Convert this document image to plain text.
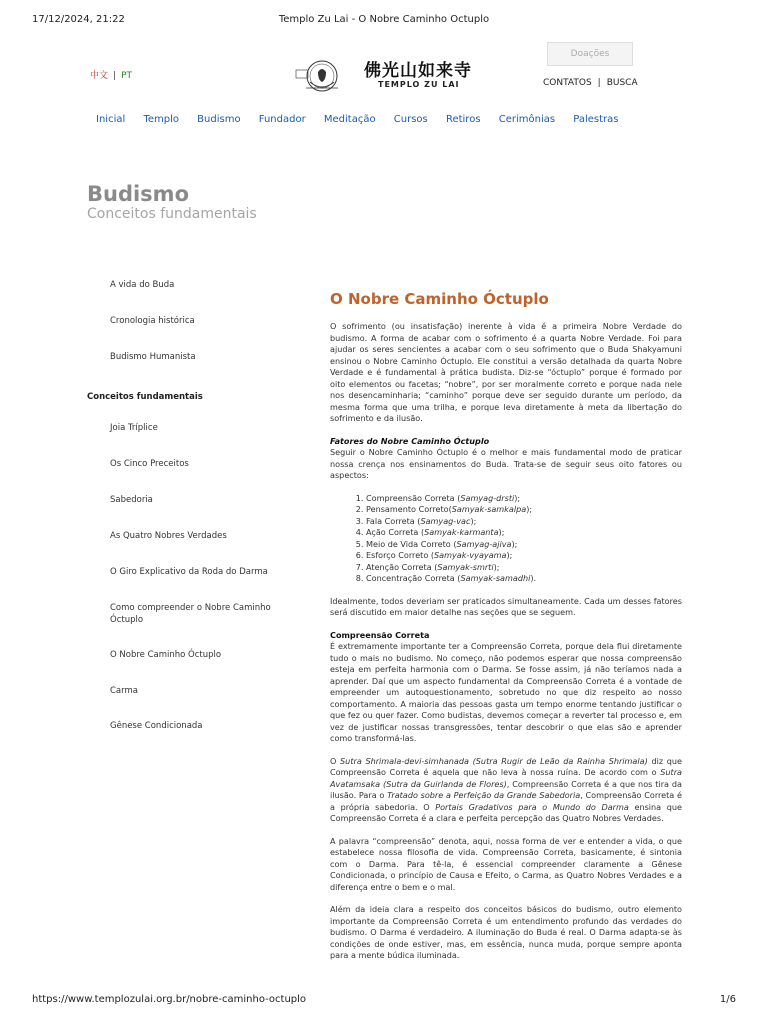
17/12/2024, 21:22	Templo Zu Lai - O Nobre Caminho Octuplo
中文 | PT	佛光山如来寺
TEMPLO ZU LAI
Doações
CONTATOS | BUSCA
Inicial Templo Budismo Fundador Meditação Cursos Retiros Cerimônias Palestras
Budismo
Conceitos fundamentais
A vida do Buda
Cronologia histórica
Budismo Humanista
Conceitos fundamentais
Joia Tríplice
Os Cinco Preceitos
Sabedoria
As Quatro Nobres Verdades
O Giro Explicativo da Roda do Darma
Como compreender o Nobre Caminho Óctuplo
O Nobre Caminho Óctuplo
Carma
Gênese Condicionada
O Nobre Caminho Óctuplo

O sofrimento (ou insatisfação) inerente à vida é a primeira Nobre Verdade do budismo. A forma de acabar com o sofrimento é a quarta Nobre Verdade. Foi para ajudar os seres sencientes a acabar com o seu sofrimento que o Buda Shakyamuni ensinou o Nobre Caminho Óctuplo. Ele constitui a versão detalhada da quarta Nobre Verdade e é fundamental à prática budista. Diz-se “óctuplo” porque é formado por oito elementos ou facetas; “nobre”, por ser moralmente correto e porque nada nele nos desencaminharia; “caminho” porque deve ser seguido durante um período, da mesma forma que uma trilha, e porque leva diretamente à meta da libertação do sofrimento e da ilusão.

Fatores do Nobre Caminho Óctuplo

Seguir o Nobre Caminho Óctuplo é o melhor e mais fundamental modo de praticar nossa crença nos ensinamentos do Buda. Trata-se de seguir seus oito fatores ou aspectos:

1. Compreensão Correta (Samyag-drsti);
2. Pensamento Correto(Samyak-samkalpa);
3. Fala Correta (Samyag-vac);
4. Ação Correta (Samyak-karmanta);
5. Meio de Vida Correto (Samyag-ajiva);
6. Esforço Correto (Samyak-vyayama);
7. Atenção Correta (Samyak-smrti);
8. Concentração Correta (Samyak-samadhi).

Idealmente, todos deveriam ser praticados simultaneamente. Cada um desses fatores será discutido em maior detalhe nas seções que se seguem.

Compreensão Correta

É extremamente importante ter a Compreensão Correta, porque dela flui diretamente tudo o mais no budismo. No começo, não podemos esperar que nossa compreensão esteja em perfeita harmonia com o Darma. Se fosse assim, já não teríamos nada a aprender. Daí que um aspecto fundamental da Compreensão Correta é a vontade de empreender um autoquestionamento, sobretudo no que diz respeito ao nosso comportamento. A maioria das pessoas gasta um tempo enorme tentando justificar o que fez ou quer fazer. Como budistas, devemos começar a reverter tal processo e, em vez de justificar nossas transgressões, tentar descobrir o que elas são e aprender como transformá-las.

O Sutra Shrimala-devi-simhanada (Sutra Rugir de Leão da Rainha Shrimala) diz que Compreensão Correta é aquela que não leva à nossa ruína. De acordo com o Sutra Avatamsaka (Sutra da Guirlanda de Flores), Compreensão Correta é a que nos tira da ilusão. Para o Tratado sobre a Perfeição da Grande Sabedoria, Compreensão Correta é a própria sabedoria. O Portais Gradativos para o Mundo do Darma ensina que Compreensão Correta é a clara e perfeita percepção das Quatro Nobres Verdades.

A palavra “compreensão” denota, aqui, nossa forma de ver e entender a vida, o que estabelece nossa filosofia de vida. Compreensão Correta, basicamente, é sintonia com o Darma. Para tê-la, é essencial compreender claramente a Gênese Condicionada, o princípio de Causa e Efeito, o Carma, as Quatro Nobres Verdades e a diferença entre o bem e o mal.

Além da ideia clara a respeito dos conceitos básicos do budismo, outro elemento importante da Compreensão Correta é um entendimento profundo das verdades do budismo. O Darma é verdadeiro. A iluminação do Buda é real. O Darma adapta-se às condições de onde estiver, mas, em essência, nunca muda, porque sempre aponta para a mente búdica iluminada.

https://www.templozulai.org.br/nobre-caminho-octuplo	1/6
